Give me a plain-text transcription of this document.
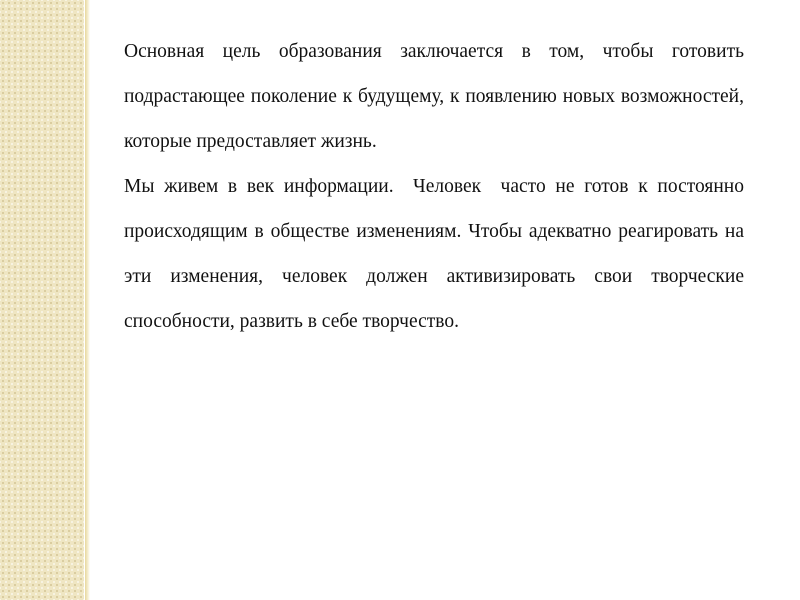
Основная цель образования заключается в том, чтобы готовить подрастающее поколение к будущему, к появлению новых возможностей, которые предоставляет жизнь.

Мы живем в век информации.  Человек  часто не готов к постоянно происходящим в обществе изменениям. Чтобы адекватно реагировать на эти изменения, человек должен активизировать свои творческие способности, развить в себе творчество.
